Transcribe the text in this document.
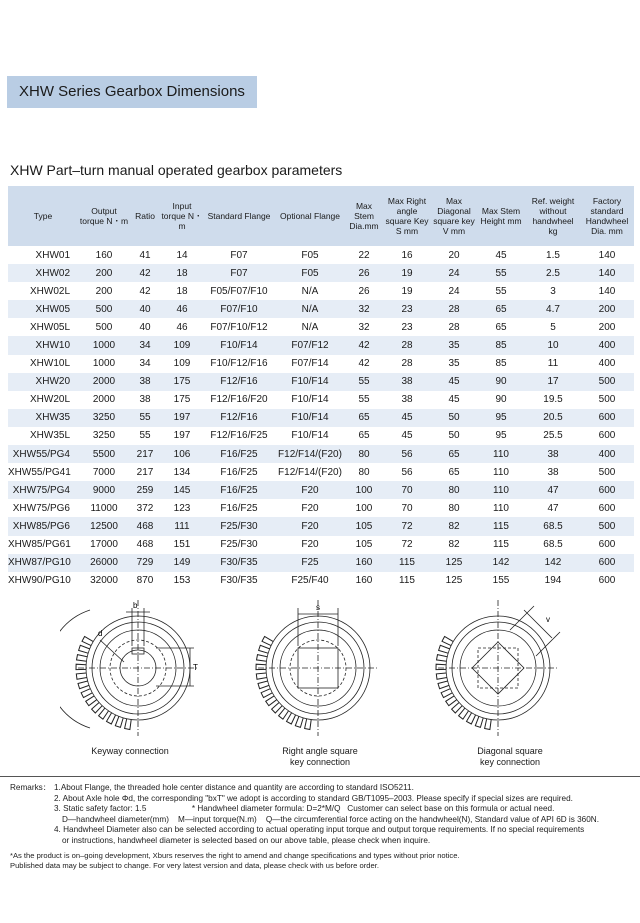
XHW Series Gearbox Dimensions
XHW Part–turn manual operated gearbox parameters
Type	Output torque N・m	Ratio	Input torque N・m	Standard Flange	Optional Flange	Max Stem Dia.mm	Max Right angle square Key S mm	Max Diagonal square key V mm	Max Stem Height mm	Ref. weight without handwheel kg	Factory standard Handwheel Dia. mm
XHW01	160	41	14	F07	F05	22	16	20	45	1.5	140
XHW02	200	42	18	F07	F05	26	19	24	55	2.5	140
XHW02L	200	42	18	F05/F07/F10	N/A	26	19	24	55	3	140
XHW05	500	40	46	F07/F10	N/A	32	23	28	65	4.7	200
XHW05L	500	40	46	F07/F10/F12	N/A	32	23	28	65	5	200
XHW10	1000	34	109	F10/F14	F07/F12	42	28	35	85	10	400
XHW10L	1000	34	109	F10/F12/F16	F07/F14	42	28	35	85	11	400
XHW20	2000	38	175	F12/F16	F10/F14	55	38	45	90	17	500
XHW20L	2000	38	175	F12/F16/F20	F10/F14	55	38	45	90	19.5	500
XHW35	3250	55	197	F12/F16	F10/F14	65	45	50	95	20.5	600
XHW35L	3250	55	197	F12/F16/F25	F10/F14	65	45	50	95	25.5	600
XHW55/PG4	5500	217	106	F16/F25	F12/F14/(F20)	80	56	65	110	38	400
XHW55/PG41	7000	217	134	F16/F25	F12/F14/(F20)	80	56	65	110	38	500
XHW75/PG4	9000	259	145	F16/F25	F20	100	70	80	110	47	600
XHW75/PG6	11000	372	123	F16/F25	F20	100	70	80	110	47	600
XHW85/PG6	12500	468	111	F25/F30	F20	105	72	82	115	68.5	500
XHW85/PG61	17000	468	151	F25/F30	F20	105	72	82	115	68.5	600
XHW87/PG10	26000	729	149	F30/F35	F25	160	115	125	142	142	600
XHW90/PG10	32000	870	153	F30/F35	F25/F40	160	115	125	155	194	600
b
d
T
Keyway connection
s
Right angle square
key connection
v
Diagonal square
key connection
Remarks： 1.About Flange, the threaded hole center distance and quantity are according to standard ISO5211.
2. About Axle hole Φd, the corresponding "bxT" we adopt is according to standard GB/T1095–2003. Please specify if special sizes are required.
3. Static safety factor: 1.5                    * Handwheel diameter formula: D=2*M/Q   Customer can select base on this formula or actual need.
D—handwheel diameter(mm)    M—input torque(N.m)    Q—the circumferential force acting on the handwheel(N), Standard value of API 6D is 360N.
4. Handwheel Diameter also can be selected according to actual operating input torque and output torque requirements. If no special requirements
or instructions, handwheel diameter is selected based on our above table, please check when inquire.
*As the product is on–going development, Xburs reserves the right to amend and change specifications and types without prior notice.
Published data may be subject to change. For very latest version and data, please check with us before order.
